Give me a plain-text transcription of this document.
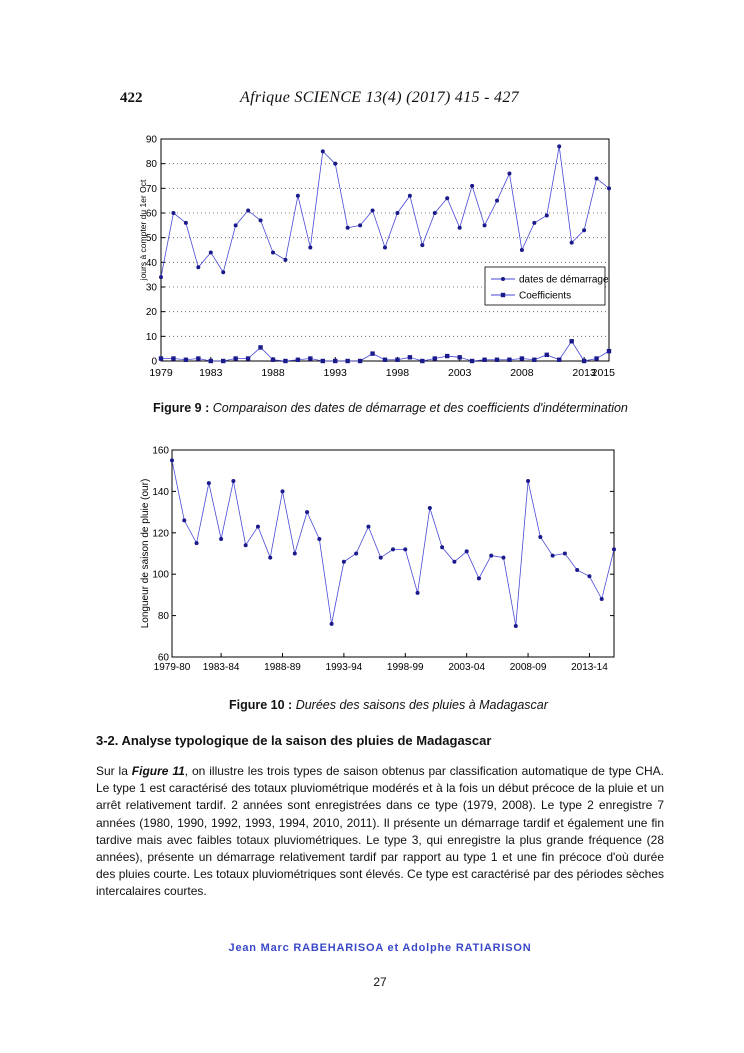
422	Afrique SCIENCE 13(4) (2017) 415 - 427
0
10
20
30
40
50
60
70
80
90
1979	1983	1988	1993	1998	2003	2008	2013
2015
jours à compter du 1er Oct	dates de démarrage
Coefficients
Figure 9 : Comparaison des dates de démarrage et des coefficients d'indétermination
60
80
100
120
140
160
1979-80 1983-84 1988-89 1993-94 1998-99 2003-04 2008-09 2013-14
Longueur de saison de pluie (our)
Figure 10 : Durées des saisons des pluies à Madagascar
3-2. Analyse typologique de la saison des pluies de Madagascar
Sur la Figure 11, on illustre les trois types de saison obtenus par classification automatique de type CHA. Le type 1 est caractérisé des totaux pluviométrique modérés et à la fois un début précoce de la pluie et un arrêt relativement tardif. 2 années sont enregistrées dans ce type (1979, 2008). Le type 2 enregistre 7 années (1980, 1990, 1992, 1993, 1994, 2010, 2011). Il présente un démarrage tardif et également une fin tardive mais avec faibles totaux pluviométriques. Le type 3, qui enregistre la plus grande fréquence (28 années), présente un démarrage relativement tardif par rapport au type 1 et une fin précoce d'où durée des pluies courte. Les totaux pluviométriques sont élevés. Ce type est caractérisé par des périodes sèches intercalaires courtes.
Jean Marc RABEHARISOA et Adolphe RATIARISON
27
